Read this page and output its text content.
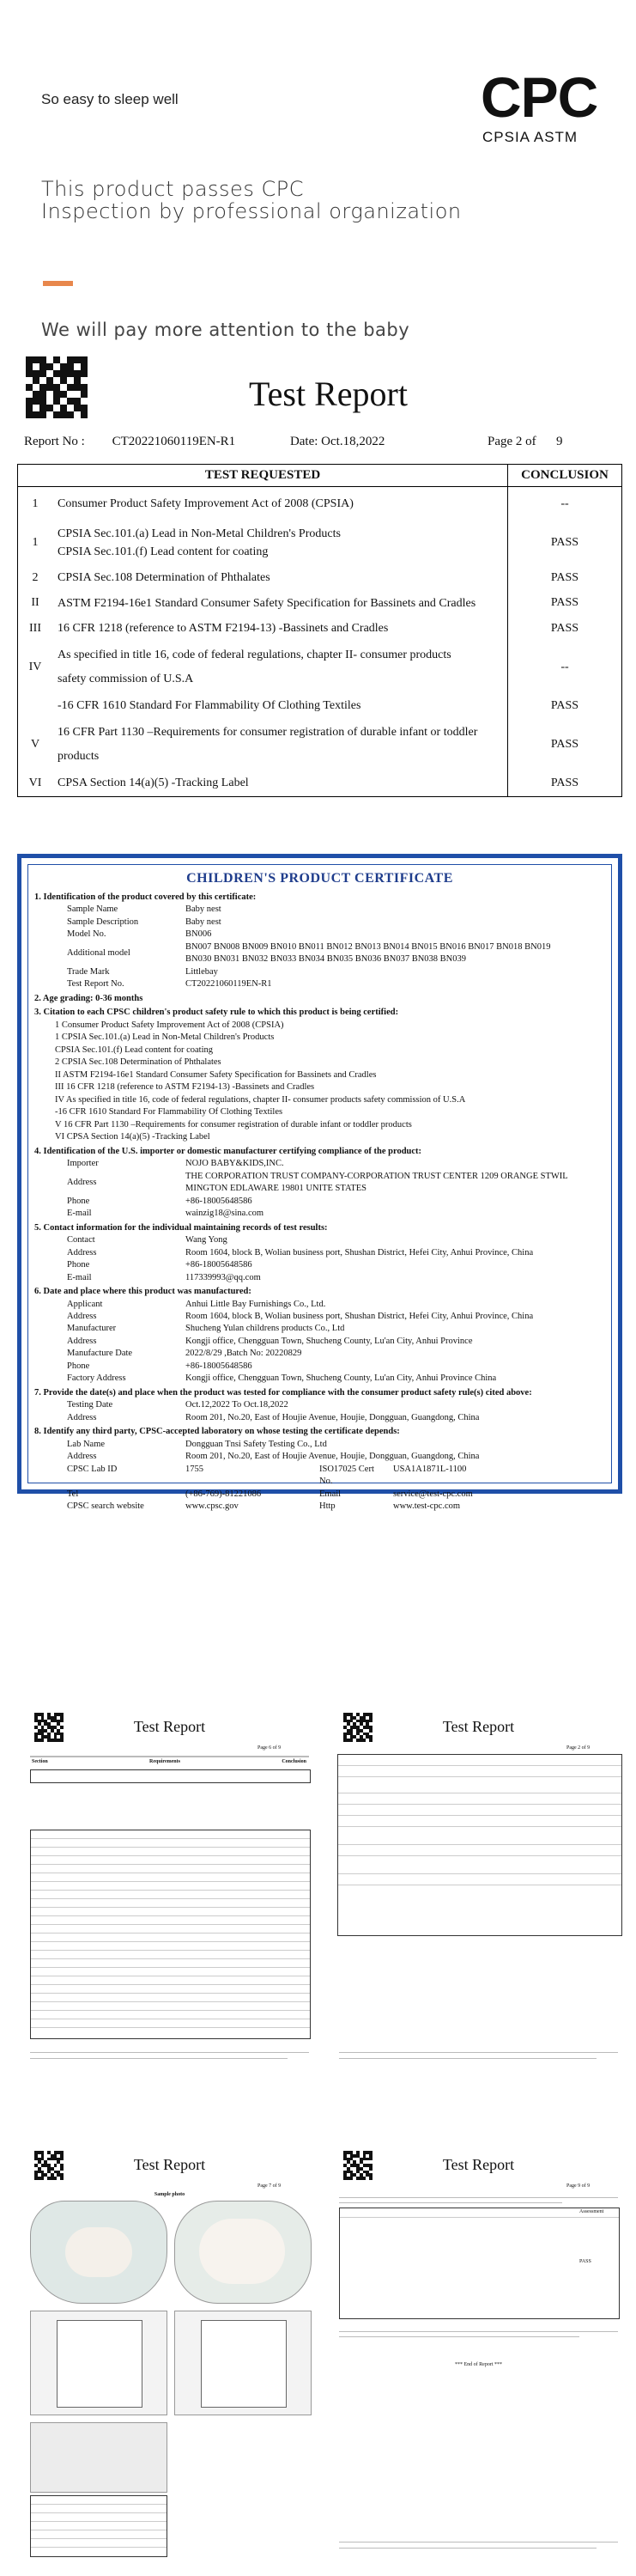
So easy to sleep well	CPC
CPSIA ASTM
This product passes CPC
Inspection by professional organization
We will pay more attention to the baby
Test Report
Report No : CT20221060119EN-R1	Date: Oct.18,2022	Page 2 of 9
TEST REQUESTED		CONCLUSION
1	Consumer Product Safety Improvement Act of 2008 (CPSIA)	--
1	CPSIA Sec.101.(a) Lead in Non-Metal Children's Products
CPSIA Sec.101.(f) Lead content for coating	PASS
2	CPSIA Sec.108 Determination of Phthalates	PASS
II	ASTM F2194-16e1 Standard Consumer Safety Specification for Bassinets and Cradles	PASS
III	16 CFR 1218 (reference to ASTM F2194-13) -Bassinets and Cradles	PASS
IV	As specified in title 16, code of federal regulations, chapter II- consumer products
safety commission of U.S.A	--
	-16 CFR 1610 Standard For Flammability Of Clothing Textiles	PASS
V	16 CFR Part 1130 –Requirements for consumer registration of durable infant or toddler
products	PASS
VI	CPSA Section 14(a)(5) -Tracking Label	PASS
CHILDREN'S PRODUCT CERTIFICATE
1. Identification of the product covered by this certificate:
Sample Name	Baby nest
Sample Description	Baby nest
Model No.	BN006
Additional model	BN007 BN008 BN009 BN010 BN011 BN012 BN013 BN014 BN015 BN016 BN017 BN018 BN019
BN030 BN031 BN032 BN033 BN034 BN035 BN036 BN037 BN038 BN039

Trade Mark	Littlebay
Test Report No.	CT20221060119EN-R1
2. Age grading: 0-36 months
3. Citation to each CPSC children's product safety rule to which this product is being certified:
1 Consumer Product Safety Improvement Act of 2008 (CPSIA)
1 CPSIA Sec.101.(a) Lead in Non-Metal Children's Products
CPSIA Sec.101.(f) Lead content for coating
2 CPSIA Sec.108 Determination of Phthalates
II ASTM F2194-16e1 Standard Consumer Safety Specification for Bassinets and Cradles
III 16 CFR 1218 (reference to ASTM F2194-13) -Bassinets and Cradles
IV As specified in title 16, code of federal regulations, chapter II- consumer products safety commission of U.S.A
-16 CFR 1610 Standard For Flammability Of Clothing Textiles
V 16 CFR Part 1130 –Requirements for consumer registration of durable infant or toddler products
VI CPSA Section 14(a)(5) -Tracking Label
4. Identification of the U.S. importer or domestic manufacturer certifying compliance of the product:
Importer	NOJO BABY&KIDS,INC.
Address	THE CORPORATION TRUST COMPANY-CORPORATION TRUST CENTER 1209 ORANGE STWIL
MINGTON EDLAWARE 19801 UNITE STATES

Phone	+86-18005648586
E-mail	wainzig18@sina.com
5. Contact information for the individual maintaining records of test results:
Contact	Wang Yong
Address	Room 1604, block B, Wolian business port, Shushan District, Hefei City, Anhui Province, China
Phone	+86-18005648586
E-mail	117339993@qq.com
6. Date and place where this product was manufactured:
Applicant	Anhui Little Bay Furnishings Co., Ltd.
Address	Room 1604, block B, Wolian business port, Shushan District, Hefei City, Anhui Province, China
Manufacturer	Shucheng Yulan childrens products Co., Ltd
Address	Kongji office, Chengguan Town, Shucheng County, Lu'an City, Anhui Province
Manufacture Date	2022/8/29 ,Batch No: 20220829
Phone	+86-18005648586
Factory Address	Kongji office, Chengguan Town, Shucheng County, Lu'an City, Anhui Province China
7. Provide the date(s) and place when the product was tested for compliance with the consumer product safety rule(s) cited above:
Testing Date	Oct.12,2022 To Oct.18,2022
Address	Room 201, No.20, East of Houjie Avenue, Houjie, Dongguan, Guangdong, China
8. Identify any third party, CPSC-accepted laboratory on whose testing the certificate depends:
Lab Name	Dongguan Tnsi Safety Testing Co., Ltd		
Address	Room 201, No.20, East of Houjie Avenue, Houjie, Dongguan, Guangdong, China		
CPSC Lab ID	1755	ISO17025 Cert No.	USA1A1871L-1100
Tel	(+86-769)-81221086	Email	service@test-cpc.com
CPSC search website	www.cpsc.gov	Http	www.test-cpc.com
Test Report
Page 6 of 9
Section	Requirements	Conclusion
Test Report
Page 2 of 9
Test Report
Page 7 of 9
Sample photo
Test Report
Page 9 of 9
Assessment
PASS
*** End of Report ***
